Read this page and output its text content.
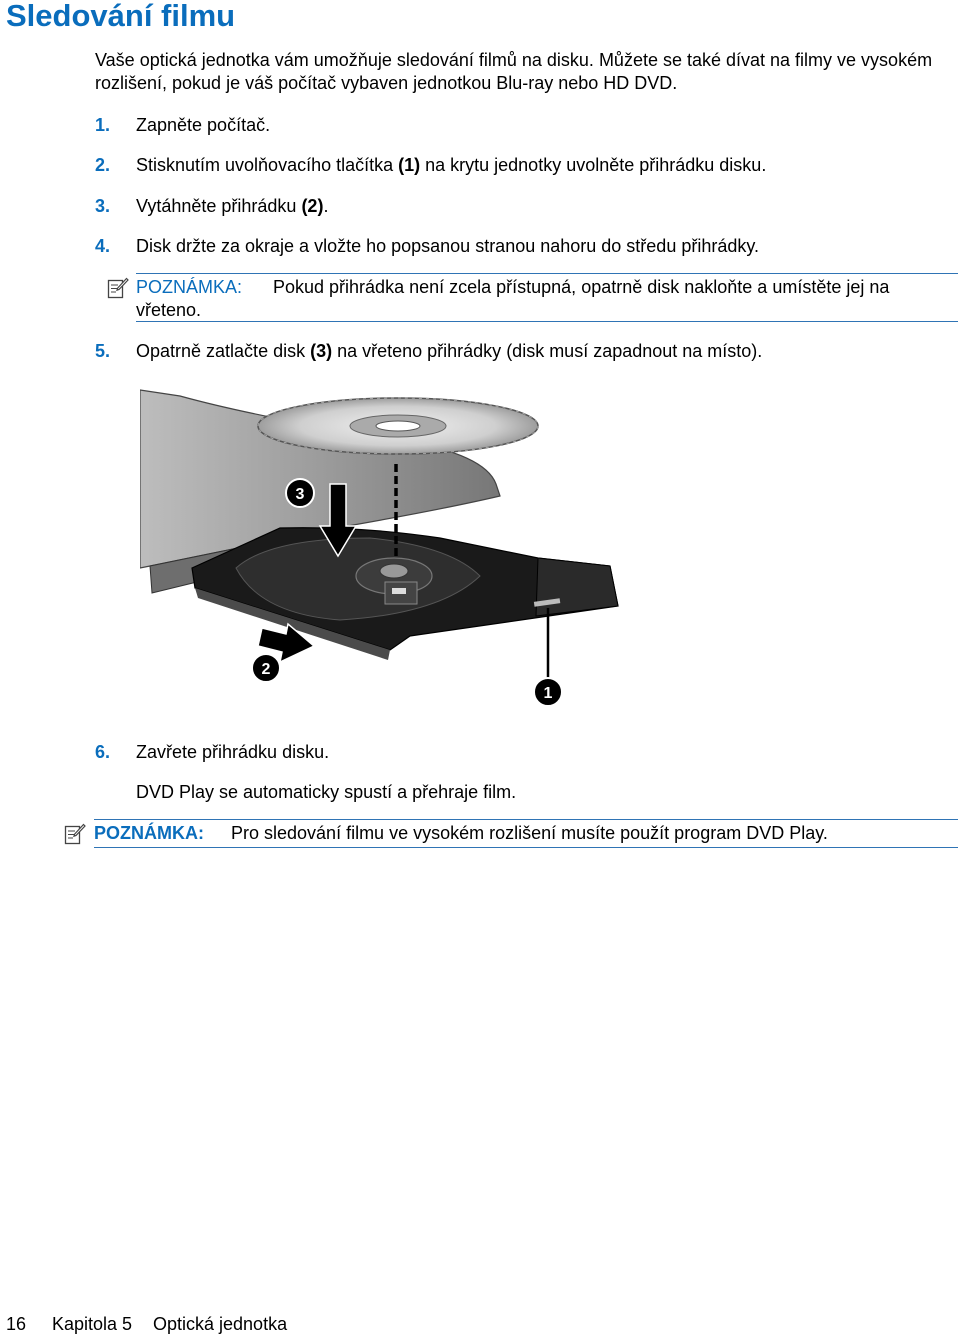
Sledování filmu

Vaše optická jednotka vám umožňuje sledování filmů na disku. Můžete se také dívat na filmy ve vysokém rozlišení, pokud je váš počítač vybaven jednotkou Blu-ray nebo HD DVD.

1. Zapněte počítač.
2. Stisknutím uvolňovacího tlačítka (1) na krytu jednotky uvolněte přihrádku disku.
3. Vytáhněte přihrádku (2).
4. Disk držte za okraje a vložte ho popsanou stranou nahoru do středu přihrádky.
POZNÁMKA: Pokud přihrádka není zcela přístupná, opatrně disk nakloňte a umístěte jej na
vřeteno.
5. Opatrně zatlačte disk (3) na vřeteno přihrádky (disk musí zapadnout na místo).
3
2
1
6. Zavřete přihrádku disku.
DVD Play se automaticky spustí a přehraje film.
POZNÁMKA: Pro sledování filmu ve vysokém rozlišení musíte použít program DVD Play.
16 Kapitola 5 Optická jednotka
